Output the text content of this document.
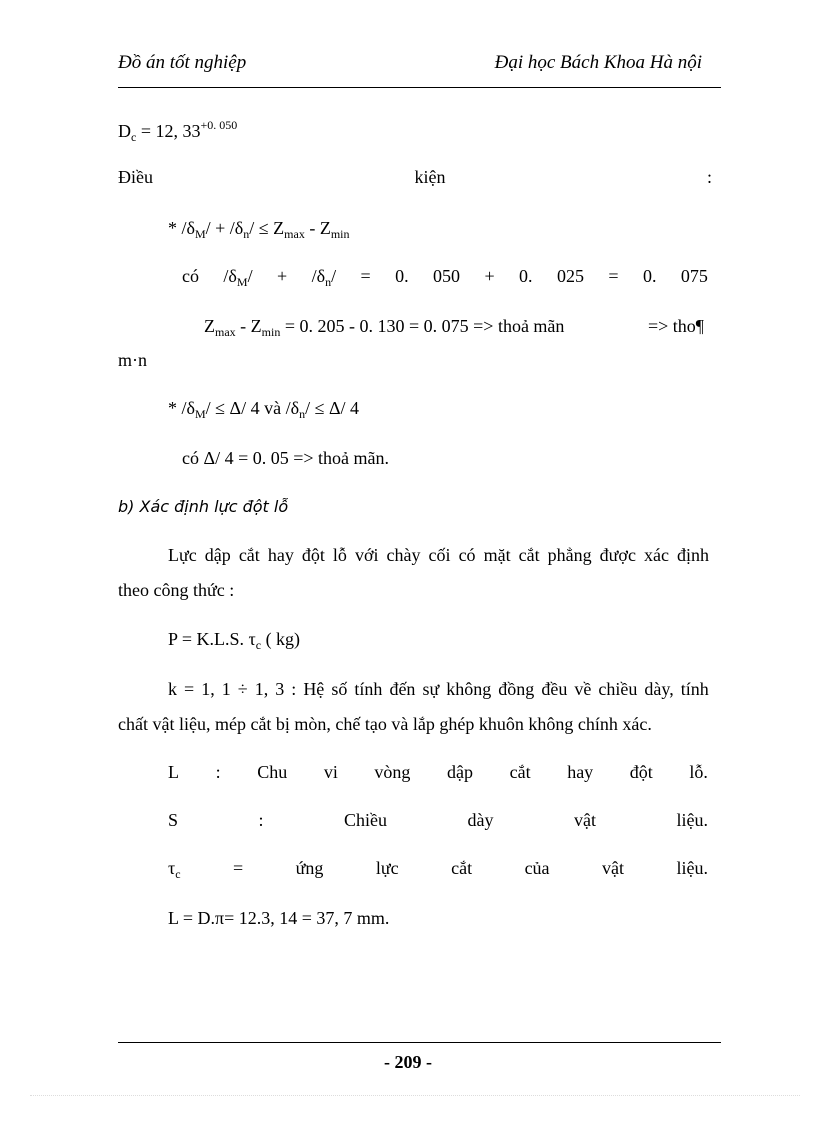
Đồ án tốt nghiệp	Đại học Bách Khoa Hà nội
$D_c = 12$, $33^{+0. 050}$
Điều	kiện	:
* $/\delta_M/ + /\delta_n/ \le Z_{max} - Z_{min}$
có $/\delta_M/ + /\delta_n/ = 0$. 050 + 0. 025 = 0. 075
$Z_{max} - Z_{min} = 0$. 205 - 0. 130 = 0. 075 => thoả mãn	=> tho¶
m·n
* $/\delta_M/ \le \Delta/$ 4 và $/\delta_n/ \le \Delta/$ 4
có Δ/ 4 = 0. 05 => thoả mãn.
b) Xác định lực đột lỗ
Lực dập cắt hay đột lỗ với chày cối có mặt cắt phẳng được xác định
theo công thức :
P = K.L.S. $\tau_c$ ( kg)
k = 1, 1 ÷ 1, 3 : Hệ số tính đến sự không đồng đều về chiều dày, tính
chất vật liệu, mép cắt bị mòn, chế tạo và lắp ghép khuôn không chính xác.
L : Chu vi vòng dập cắt hay đột lỗ.
S	:	Chiều	dày	vật	liệu.
$\tau_c$	=	ứng	lực	cắt	của	vật	liệu.
L = D.π= 12.3, 14 = 37, 7 mm.
- 209 -
